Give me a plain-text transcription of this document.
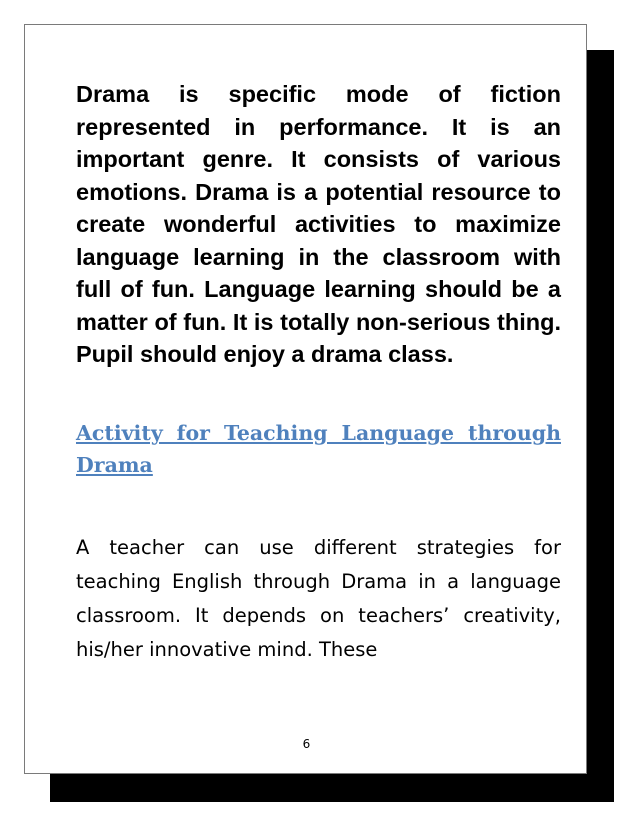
Drama is specific mode of fiction represented in performance. It is an important genre. It consists of various emotions. Drama is a potential resource to create wonderful activities to maximize language learning in the classroom with full of fun. Language learning should be a matter of fun. It is totally non-serious thing. Pupil should enjoy a drama class.

Activity for Teaching Language through Drama

A teacher can use different strategies for teaching English through Drama in a language classroom. It depends on teachers’ creativity, his/her innovative mind. These

6
